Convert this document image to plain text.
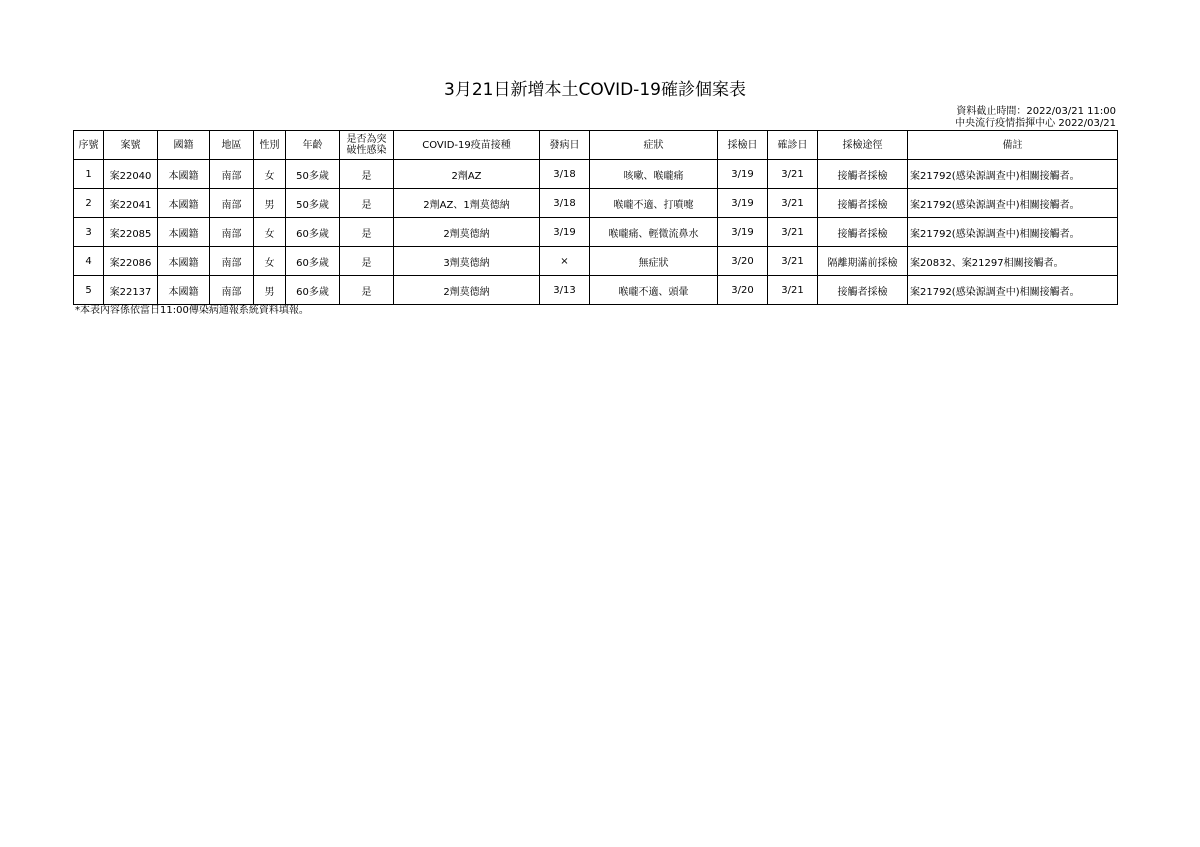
3月21日新增本土COVID-19確診個案表
資料截止時間：2022/03/21 11:00
中央流行疫情指揮中心 2022/03/21
序號	案號	國籍	地區	性別	年齡	是否為突破性感染	COVID-19疫苗接種	發病日	症狀	採檢日	確診日	採檢途徑	備註
1	案22040	本國籍	南部	女	50多歲	是	2劑AZ	3/18	咳嗽、喉嚨痛	3/19	3/21	接觸者採檢	案21792(感染源調查中)相關接觸者。
2	案22041	本國籍	南部	男	50多歲	是	2劑AZ、1劑莫德納	3/18	喉嚨不適、打噴嚏	3/19	3/21	接觸者採檢	案21792(感染源調查中)相關接觸者。
3	案22085	本國籍	南部	女	60多歲	是	2劑莫德納	3/19	喉嚨痛、輕微流鼻水	3/19	3/21	接觸者採檢	案21792(感染源調查中)相關接觸者。
4	案22086	本國籍	南部	女	60多歲	是	3劑莫德納	×	無症狀	3/20	3/21	隔離期滿前採檢	案20832、案21297相關接觸者。
5	案22137	本國籍	南部	男	60多歲	是	2劑莫德納	3/13	喉嚨不適、頭暈	3/20	3/21	接觸者採檢	案21792(感染源調查中)相關接觸者。
*本表內容係依當日11:00傳染病通報系統資料填報。
